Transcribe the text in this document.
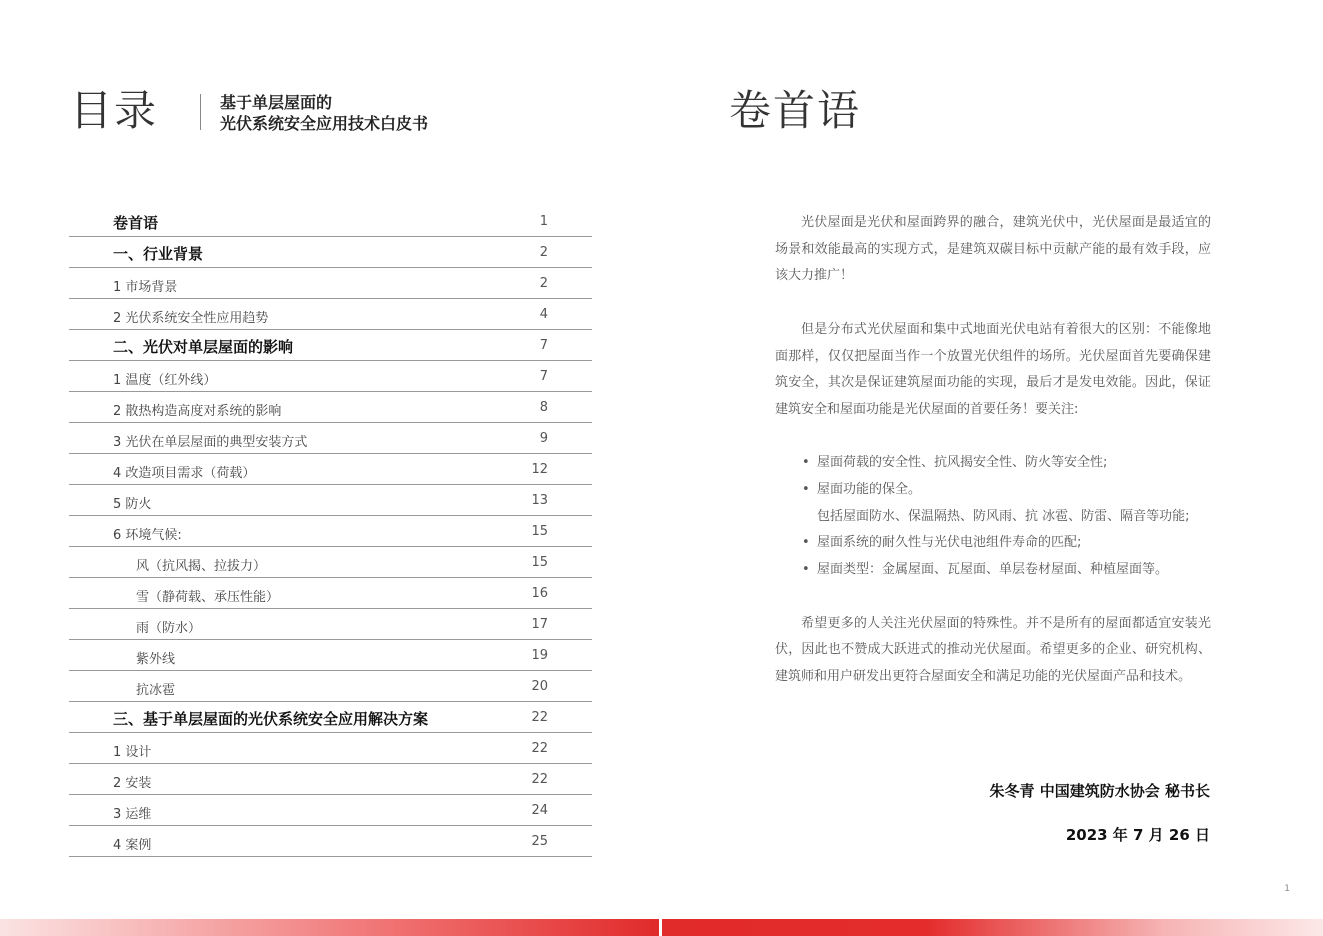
目录	基于单层屋面的
光伏系统安全应用技术白皮书
卷首语	1
一、行业背景	2
1 市场背景	2
2 光伏系统安全性应用趋势	4
二、光伏对单层屋面的影响	7
1 温度（红外线）	7
2 散热构造高度对系统的影响	8
3 光伏在单层屋面的典型安装方式	9
4 改造项目需求（荷载）	12
5 防火	13
6 环境气候:	15
风（抗风揭、拉拔力）	15
雪（静荷载、承压性能）	16
雨（防水）	17
紫外线	19
抗冰雹	20
三、基于单层屋面的光伏系统安全应用解决方案	22
1 设计	22
2 安装	22
3 运维	24
4 案例	25
卷首语

光伏屋面是光伏和屋面跨界的融合，建筑光伏中，光伏屋面是最适宜的场景和效能最高的实现方式，是建筑双碳目标中贡献产能的最有效手段，应该大力推广！

但是分布式光伏屋面和集中式地面光伏电站有着很大的区别：不能像地面那样，仅仅把屋面当作一个放置光伏组件的场所。光伏屋面首先要确保建筑安全，其次是保证建筑屋面功能的实现，最后才是发电效能。因此，保证建筑安全和屋面功能是光伏屋面的首要任务！要关注:

• 屋面荷载的安全性、抗风揭安全性、防火等安全性;
• 屋面功能的保全。
包括屋面防水、保温隔热、防风雨、抗 冰雹、防雷、隔音等功能;
• 屋面系统的耐久性与光伏电池组件寿命的匹配;
• 屋面类型：金属屋面、瓦屋面、单层卷材屋面、种植屋面等。

希望更多的人关注光伏屋面的特殊性。并不是所有的屋面都适宜安装光伏，因此也不赞成大跃进式的推动光伏屋面。希望更多的企业、研究机构、建筑师和用户研发出更符合屋面安全和满足功能的光伏屋面产品和技术。

朱冬青 中国建筑防水协会 秘书长
2023 年 7 月 26 日
1
